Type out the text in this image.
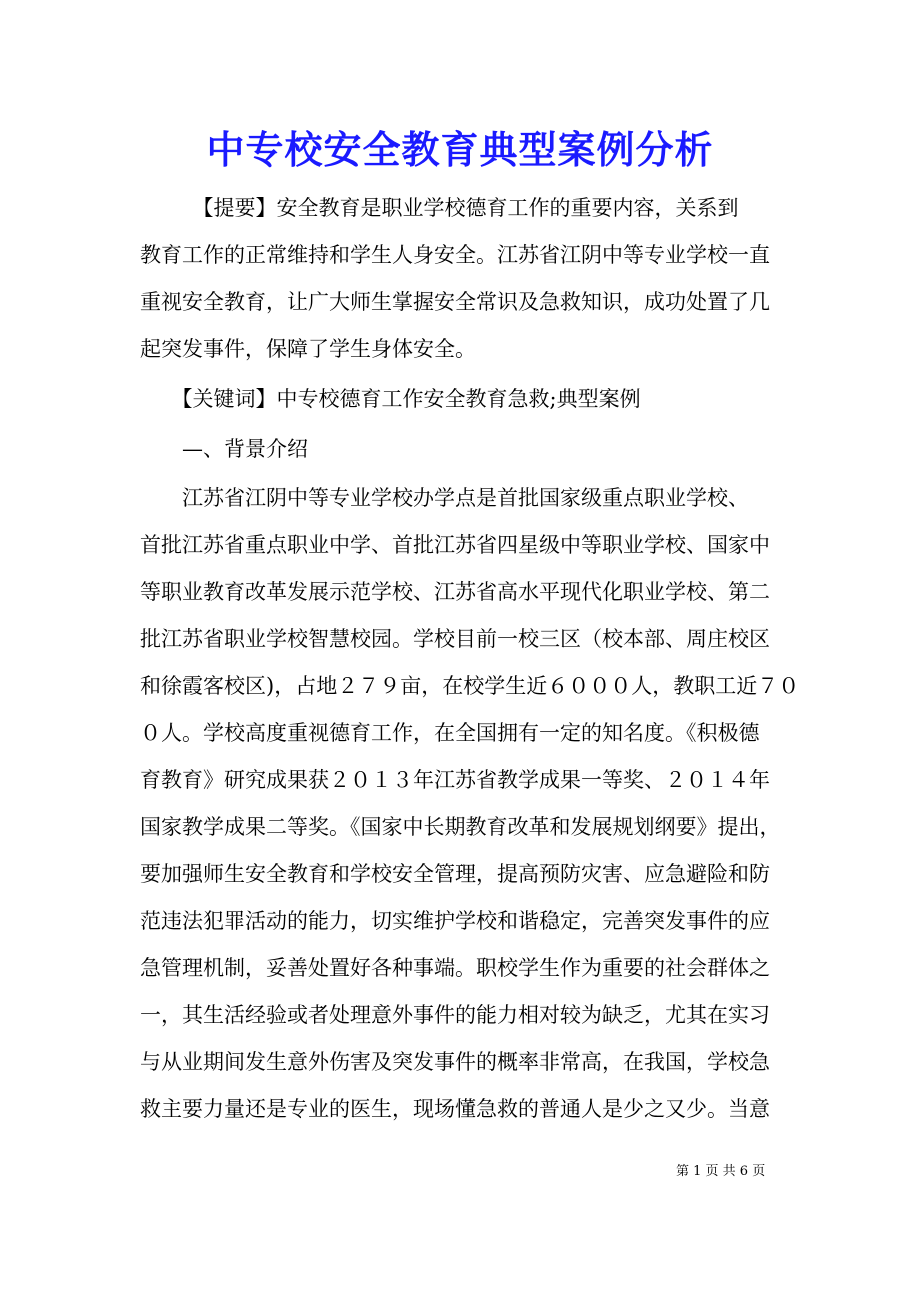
中专校安全教育典型案例分析
　　　【提要】安全教育是职业学校德育工作的重要内容，关系到
教育工作的正常维持和学生人身安全。江苏省江阴中等专业学校一直
重视安全教育，让广大师生掌握安全常识及急救知识，成功处置了几
起突发事件，保障了学生身体安全。
　　【关键词】中专校德育工作安全教育急救;典型案例
　　—、背景介绍
　　江苏省江阴中等专业学校办学点是首批国家级重点职业学校、
首批江苏省重点职业中学、首批江苏省四星级中等职业学校、国家中
等职业教育改革发展示范学校、江苏省高水平现代化职业学校、第二
批江苏省职业学校智慧校园。学校目前一校三区（校本部、周庄校区
和徐霞客校区)，占地２７９亩，在校学生近６０００人，教职工近７０
０人。学校高度重视德育工作，在全国拥有一定的知名度。《积极德
育教育》研究成果获２０１３年江苏省教学成果一等奖、２０１４年
国家教学成果二等奖。《国家中长期教育改革和发展规划纲要》提出，
要加强师生安全教育和学校安全管理，提高预防灾害、应急避险和防
范违法犯罪活动的能力，切实维护学校和谐稳定，完善突发事件的应
急管理机制，妥善处置好各种事端。职校学生作为重要的社会群体之
一，其生活经验或者处理意外事件的能力相对较为缺乏，尤其在实习
与从业期间发生意外伤害及突发事件的概率非常高，在我国，学校急
救主要力量还是专业的医生，现场懂急救的普通人是少之又少。当意
第 1 页 共 6 页
